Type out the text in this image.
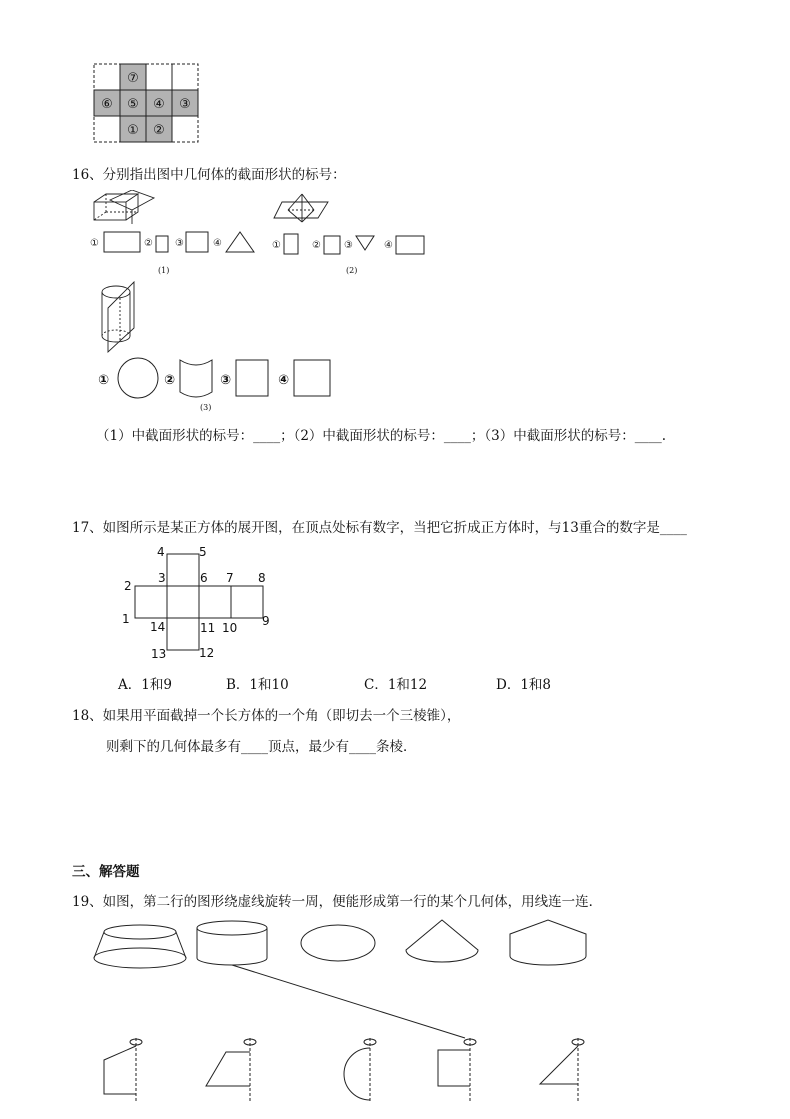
⑦
⑥ ⑤ ④ ③
① ②
16、分别指出图中几何体的截面形状的标号：
①	② ③	④
(1)
①	② ③	④
(2)
①	②	③	④
(3)
（1）中截面形状的标号：____；（2）中截面形状的标号：____；（3）中截面形状的标号：____.
17、如图所示是某正方体的展开图，在顶点处标有数字，当把它折成正方体时，与13重合的数字是____
4	5
2
3	6 7 8
1
14	11 10 9
13	12
A．1和9	B．1和10	C．1和12	D．1和8
18、如果用平面截掉一个长方体的一个角（即切去一个三棱锥），
则剩下的几何体最多有____顶点，最少有____条棱．
三、解答题
19、如图，第二行的图形绕虚线旋转一周，便能形成第一行的某个几何体，用线连一连．
